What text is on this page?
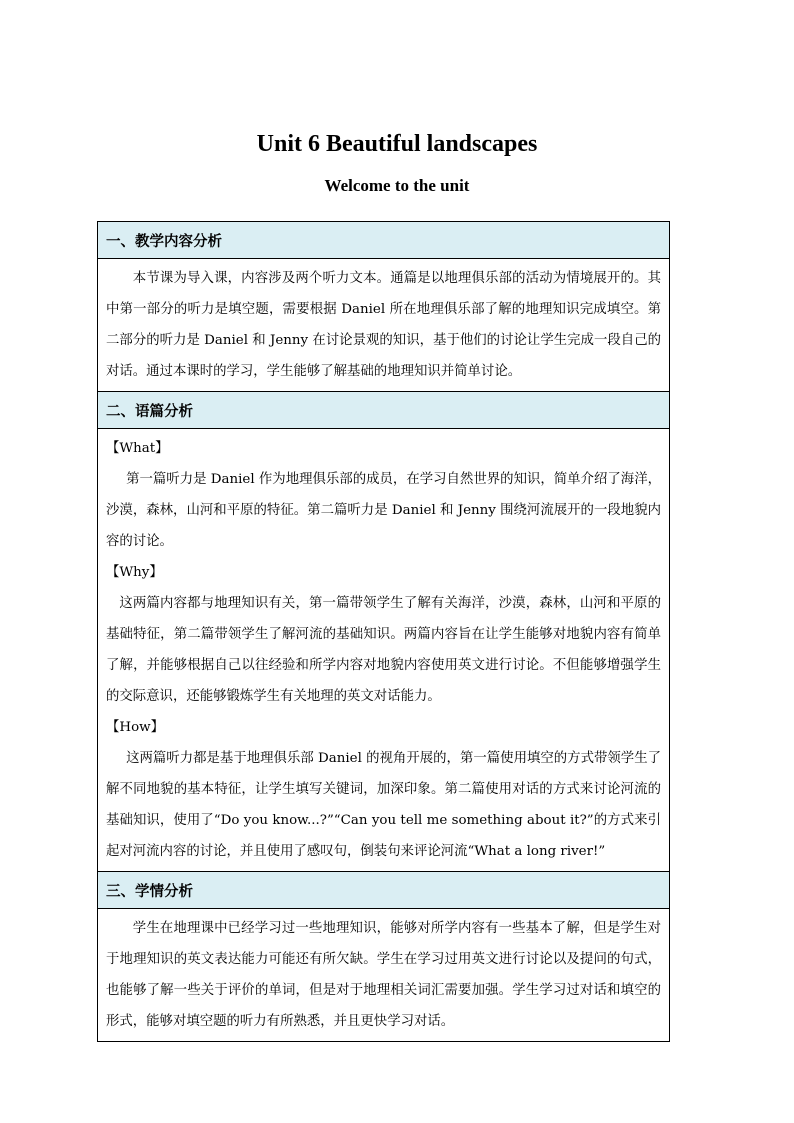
Unit 6 Beautiful landscapes
Welcome to the unit
一、教学内容分析

本节课为导入课，内容涉及两个听力文本。通篇是以地理俱乐部的活动为情境展开的。其中第一部分的听力是填空题，需要根据 Daniel 所在地理俱乐部了解的地理知识完成填空。第二部分的听力是 Daniel 和 Jenny 在讨论景观的知识，基于他们的讨论让学生完成一段自己的对话。通过本课时的学习，学生能够了解基础的地理知识并简单讨论。

二、语篇分析

【What】

第一篇听力是 Daniel 作为地理俱乐部的成员，在学习自然世界的知识，简单介绍了海洋，沙漠，森林，山河和平原的特征。第二篇听力是 Daniel 和 Jenny 围绕河流展开的一段地貌内容的讨论。

【Why】

这两篇内容都与地理知识有关，第一篇带领学生了解有关海洋，沙漠，森林，山河和平原的基础特征，第二篇带领学生了解河流的基础知识。两篇内容旨在让学生能够对地貌内容有简单了解，并能够根据自己以往经验和所学内容对地貌内容使用英文进行讨论。不但能够增强学生的交际意识，还能够锻炼学生有关地理的英文对话能力。

【How】

这两篇听力都是基于地理俱乐部 Daniel 的视角开展的，第一篇使用填空的方式带领学生了解不同地貌的基本特征，让学生填写关键词，加深印象。第二篇使用对话的方式来讨论河流的基础知识，使用了“Do you know...?”“Can you tell me something about it?”的方式来引起对河流内容的讨论，并且使用了感叹句，倒装句来评论河流“What a long river!”

三、学情分析

学生在地理课中已经学习过一些地理知识，能够对所学内容有一些基本了解，但是学生对于地理知识的英文表达能力可能还有所欠缺。学生在学习过用英文进行讨论以及提问的句式，也能够了解一些关于评价的单词，但是对于地理相关词汇需要加强。学生学习过对话和填空的形式，能够对填空题的听力有所熟悉，并且更快学习对话。
